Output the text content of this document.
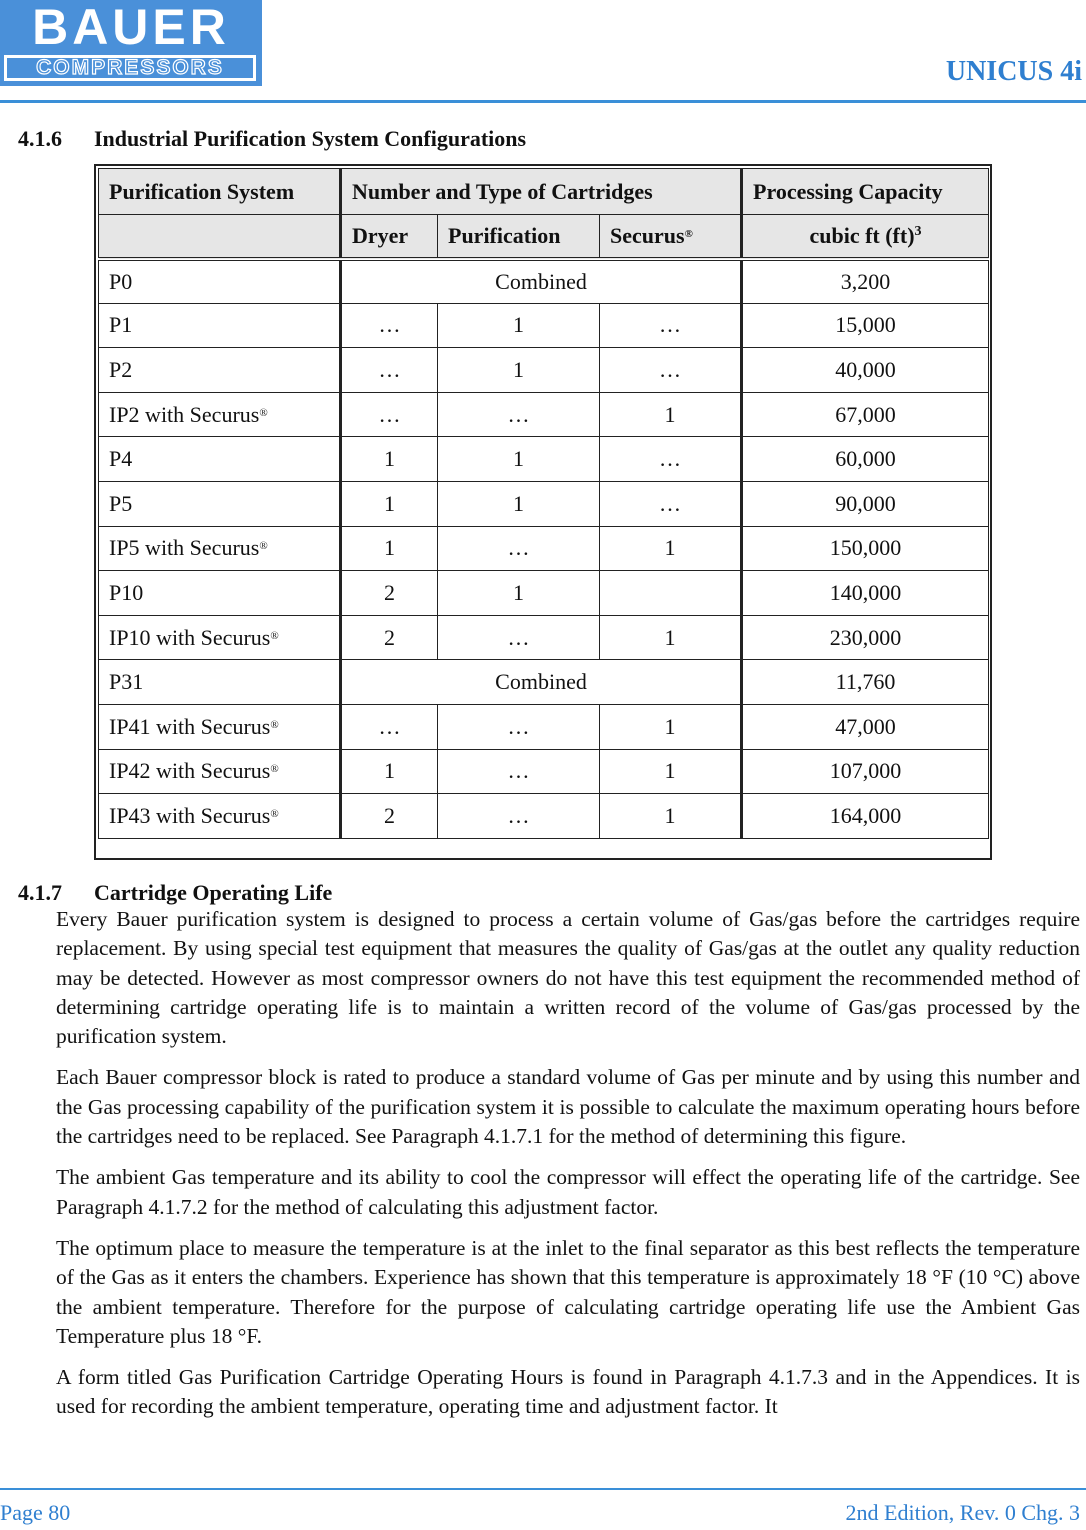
BAUER
COMPRESSORS	UNICUS 4i
4.1.6 Industrial Purification System Configurations
Purification System	Number and Type of Cartridges			Processing Capacity
	Dryer	Purification	Securus®	cubic ft (ft)$^3$
P0	Combined			3,200
P1	…	1	…	15,000
P2	…	1	…	40,000
IP2 with Securus®	…	…	1	67,000
P4	1	1	…	60,000
P5	1	1	…	90,000
IP5 with Securus®	1	…	1	150,000
P10	2	1		140,000
IP10 with Securus®	2	…	1	230,000
P31	Combined			11,760
IP41 with Securus®	…	…	1	47,000
IP42 with Securus®	1	…	1	107,000
IP43 with Securus®	2	…	1	164,000
4.1.7 Cartridge Operating Life

Every Bauer purification system is designed to process a certain volume of Gas/gas before the cartridges require replacement. By using special test equipment that measures the quality of Gas/gas at the outlet any quality reduction may be detected. However as most compressor owners do not have this test equipment the recommended method of determining cartridge operating life is to maintain a written record of the volume of Gas/gas processed by the purification system.

Each Bauer compressor block is rated to produce a standard volume of Gas per minute and by using this number and the Gas processing capability of the purification system it is possible to calculate the maximum operating hours before the cartridges need to be replaced. See Paragraph 4.1.7.1 for the method of determining this figure.

The ambient Gas temperature and its ability to cool the compressor will effect the operating life of the cartridge. See Paragraph 4.1.7.2 for the method of calculating this adjustment factor.

The optimum place to measure the temperature is at the inlet to the final separator as this best reflects the temperature of the Gas as it enters the chambers. Experience has shown that this temperature is approximately 18 °F (10 °C) above the ambient temperature. Therefore for the purpose of calculating cartridge operating life use the Ambient Gas Temperature plus 18 °F.

A form titled Gas Purification Cartridge Operating Hours is found in Paragraph 4.1.7.3 and in the Appendices. It is used for recording the ambient temperature, operating time and adjustment factor. It

Page 80	2nd Edition, Rev. 0 Chg. 3
